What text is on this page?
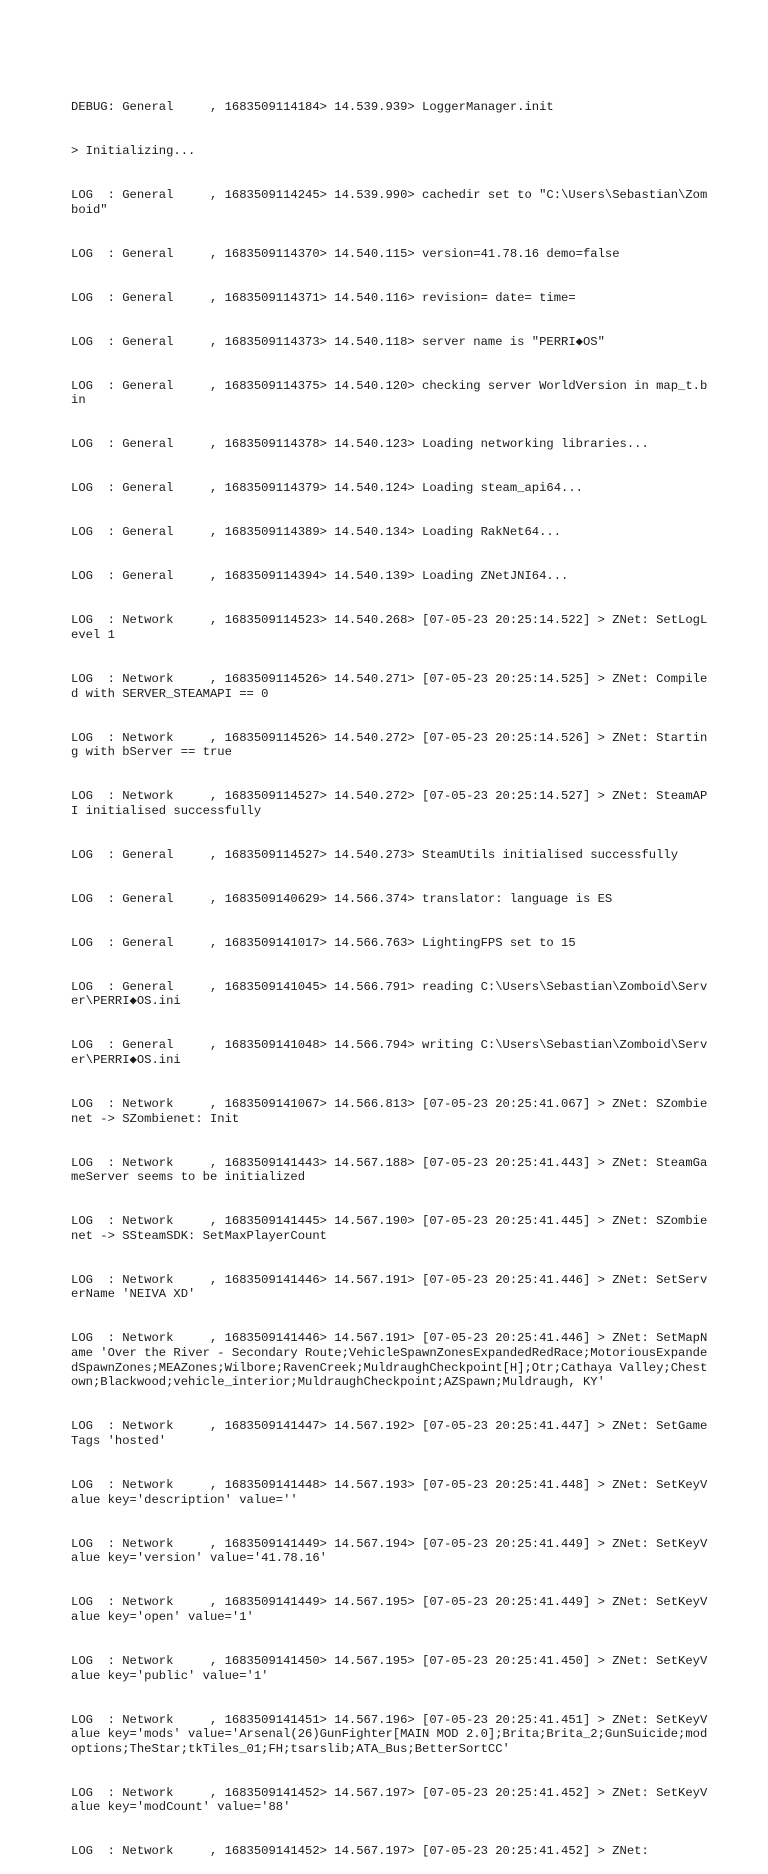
DEBUG: General     , 1683509114184> 14.539.939> LoggerManager.init

> Initializing...

LOG  : General     , 1683509114245> 14.539.990> cachedir set to "C:\Users\Sebastian\Zomboid"

LOG  : General     , 1683509114370> 14.540.115> version=41.78.16 demo=false

LOG  : General     , 1683509114371> 14.540.116> revision= date= time=

LOG  : General     , 1683509114373> 14.540.118> server name is "PERRI◆OS"

LOG  : General     , 1683509114375> 14.540.120> checking server WorldVersion in map_t.bin

LOG  : General     , 1683509114378> 14.540.123> Loading networking libraries...

LOG  : General     , 1683509114379> 14.540.124> Loading steam_api64...

LOG  : General     , 1683509114389> 14.540.134> Loading RakNet64...

LOG  : General     , 1683509114394> 14.540.139> Loading ZNetJNI64...

LOG  : Network     , 1683509114523> 14.540.268> [07-05-23 20:25:14.522] > ZNet: SetLogLevel 1

LOG  : Network     , 1683509114526> 14.540.271> [07-05-23 20:25:14.525] > ZNet: Compiled with SERVER_STEAMAPI == 0

LOG  : Network     , 1683509114526> 14.540.272> [07-05-23 20:25:14.526] > ZNet: Starting with bServer == true

LOG  : Network     , 1683509114527> 14.540.272> [07-05-23 20:25:14.527] > ZNet: SteamAPI initialised successfully

LOG  : General     , 1683509114527> 14.540.273> SteamUtils initialised successfully

LOG  : General     , 1683509140629> 14.566.374> translator: language is ES

LOG  : General     , 1683509141017> 14.566.763> LightingFPS set to 15

LOG  : General     , 1683509141045> 14.566.791> reading C:\Users\Sebastian\Zomboid\Server\PERRI◆OS.ini

LOG  : General     , 1683509141048> 14.566.794> writing C:\Users\Sebastian\Zomboid\Server\PERRI◆OS.ini

LOG  : Network     , 1683509141067> 14.566.813> [07-05-23 20:25:41.067] > ZNet: SZombienet -> SZombienet: Init

LOG  : Network     , 1683509141443> 14.567.188> [07-05-23 20:25:41.443] > ZNet: SteamGameServer seems to be initialized

LOG  : Network     , 1683509141445> 14.567.190> [07-05-23 20:25:41.445] > ZNet: SZombienet -> SSteamSDK: SetMaxPlayerCount

LOG  : Network     , 1683509141446> 14.567.191> [07-05-23 20:25:41.446] > ZNet: SetServerName 'NEIVA XD'

LOG  : Network     , 1683509141446> 14.567.191> [07-05-23 20:25:41.446] > ZNet: SetMapName 'Over the River - Secondary Route;VehicleSpawnZonesExpandedRedRace;MotoriousExpandedSpawnZones;MEAZones;Wilbore;RavenCreek;MuldraughCheckpoint[H];Otr;Cathaya Valley;Chestown;Blackwood;vehicle_interior;MuldraughCheckpoint;AZSpawn;Muldraugh, KY'

LOG  : Network     , 1683509141447> 14.567.192> [07-05-23 20:25:41.447] > ZNet: SetGameTags 'hosted'

LOG  : Network     , 1683509141448> 14.567.193> [07-05-23 20:25:41.448] > ZNet: SetKeyValue key='description' value=''

LOG  : Network     , 1683509141449> 14.567.194> [07-05-23 20:25:41.449] > ZNet: SetKeyValue key='version' value='41.78.16'

LOG  : Network     , 1683509141449> 14.567.195> [07-05-23 20:25:41.449] > ZNet: SetKeyValue key='open' value='1'

LOG  : Network     , 1683509141450> 14.567.195> [07-05-23 20:25:41.450] > ZNet: SetKeyValue key='public' value='1'

LOG  : Network     , 1683509141451> 14.567.196> [07-05-23 20:25:41.451] > ZNet: SetKeyValue key='mods' value='Arsenal(26)GunFighter[MAIN MOD 2.0];Brita;Brita_2;GunSuicide;modoptions;TheStar;tkTiles_01;FH;tsarslib;ATA_Bus;BetterSortCC'

LOG  : Network     , 1683509141452> 14.567.197> [07-05-23 20:25:41.452] > ZNet: SetKeyValue key='modCount' value='88'

LOG  : Network     , 1683509141452> 14.567.197> [07-05-23 20:25:41.452] > ZNet:
